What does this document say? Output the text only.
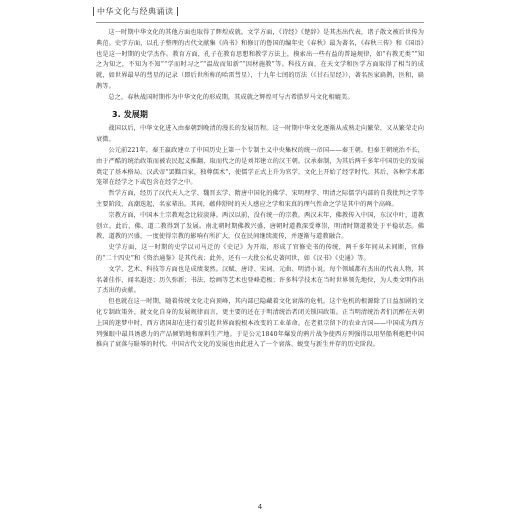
中华文化与经典诵读

这一时期中华文化的其他方面也取得了辉煌成就。文学方面，《诗经》《楚辞》是其杰出代表，诸子散文被后世传为典范。史学方面，以孔子整理的古代文献集《尚书》和修订的鲁国的编年史《春秋》最为著名，《春秋三传》和《国语》也是这一时期的史学杰作。教育方面，孔子在教育思想和教学方法上，摸索出一些有益的普遍规律，如“有教无类”“知之为知之，不知为不知”“学而时习之”“温故而知新”“因材施教”等。科技方面，在天文学和医学方面取得了相当的成就，如世界最早的彗星的记录（即后世所称的哈雷彗星），十九年七闰的历法（《甘石星经》），著名医家扁鹊，医和，扁鹊等。

总之，春秋战国时期作为中华文化的形成期，其成就之辉煌可与古希腊罗马文化相媲美。

3. 发展期

战国以后，中华文化进入由秦朝到晚清的漫长的发展历程。这一时期中华文化逐渐从成熟走向繁荣，又从繁荣走向衰微。

公元前221年，秦王嬴政建立了中国历史上第一个专制主义中央集权的统一帝国——秦王朝。但秦王朝统治不长，由于严酷的统治政策而被农民起义推翻，取而代之的是刘邦建立的汉王朝。汉承秦制，为其后两千多年中国历史的发展奠定了基本格局。汉武帝“罢黜百家，独尊儒术”，使儒学正式上升为官学，文化上开始了经学时代。其后，各种学术都笼罩在经学之下或包含在经学之中。

哲学方面，经历了汉代天人之学、魏晋玄学、隋唐中国化的佛学、宋明理学、明清之际儒学内部的自我批判之学等主要阶段，高潮迭起，名家辈出。其间，蕴伸舒时的天人感应之学和宋真的理气性命之学是其中的两个高峰。

宗教方面，中国本土宗教观念比较淡薄。两汉以前，没有统一的宗教。两汉末年，佛教传入中国，东汉中叶，道教创立。此后，佛、道二教得到了发展。南北朝时期佛教兴盛，唐朝时道教深受尊崇，明清时期道教处于平稳状态。佛教、道教的兴盛，一度使得宗教的影响有所扩大，仅在民间继续流传，并逐渐与道教融合。

史学方面，这一时期的史学以司马迁的《史记》为开端，形成了官修史书的传统，两千多年间从未间断，官修的“二十四史”和《资治通鉴》是其代表；此外，还有一大批公私史著问世，如《汉书》《史通》等。

文学、艺术、科技等方面也是成绩斐然。汉赋、唐诗、宋词、元曲、明清小说，每个领域都有杰出的代表人物，其名著佳作，闻名遐迩；历久弥新；书法、绘画等艺术也登峰造极；许多科学技术在当时世界领先地位，为人类文明作出了杰出的贡献。

但也就在这一时期，随着传统文化走向顶峰，其内部已隐藏着文化衰落的危机。这个危机的根源除了日益加剧的文化专制政策外，就文化自身的发展规律而言，更主要的还在于明清统治者闭关锁国政策。正当明清统治者们沉醉在天朝上国的迷梦中时，西方诸国却在进行着引起世界面貌根本改变的工业革命。在老祖宗留下的农业古国——中国成为西方列强眼中最具诱惑力的产品倾销地和原料生产地。于是公元1840年爆发的鸦片战争使西方列强得以用坚船利炮把中国推向了衰落与耻辱的时代。中国古代文化的发展也由此进入了一个衰落、蜕变与新生并存的历史阶段。

4
